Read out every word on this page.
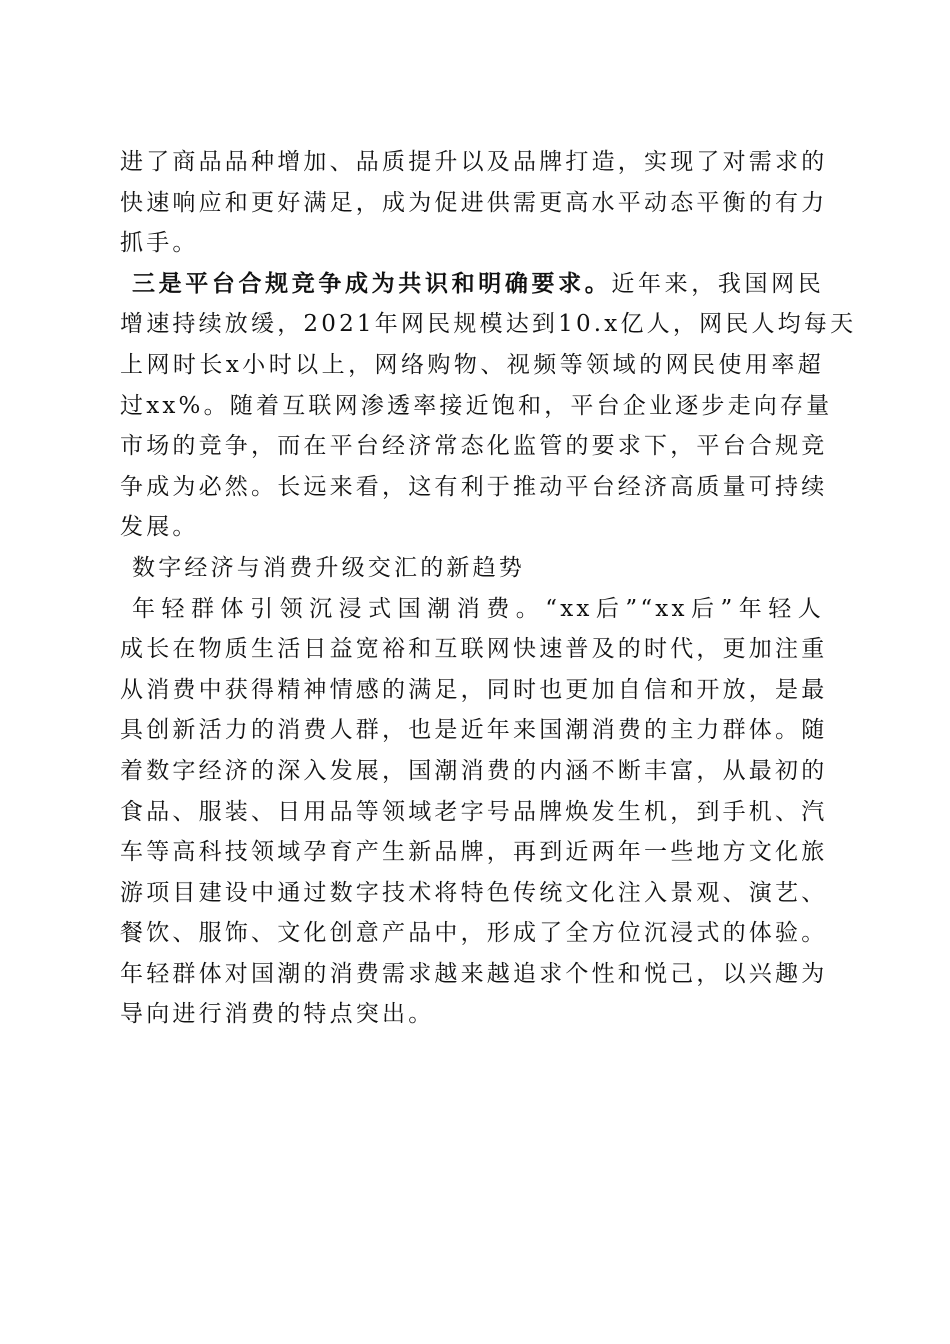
进了商品品种增加、品质提升以及品牌打造，实现了对需求的
快速响应和更好满足，成为促进供需更高水平动态平衡的有力
抓手。
三是平台合规竞争成为共识和明确要求。近年来，我国网民
增速持续放缓，2021年网民规模达到10.x亿人，网民人均每天
上网时长x小时以上，网络购物、视频等领域的网民使用率超
过xx%。随着互联网渗透率接近饱和，平台企业逐步走向存量
市场的竞争，而在平台经济常态化监管的要求下，平台合规竞
争成为必然。长远来看，这有利于推动平台经济高质量可持续
发展。
数字经济与消费升级交汇的新趋势
年轻群体引领沉浸式国潮消费。“xx后”“xx后”年轻人
成长在物质生活日益宽裕和互联网快速普及的时代，更加注重
从消费中获得精神情感的满足，同时也更加自信和开放，是最
具创新活力的消费人群，也是近年来国潮消费的主力群体。随
着数字经济的深入发展，国潮消费的内涵不断丰富，从最初的
食品、服装、日用品等领域老字号品牌焕发生机，到手机、汽
车等高科技领域孕育产生新品牌，再到近两年一些地方文化旅
游项目建设中通过数字技术将特色传统文化注入景观、演艺、
餐饮、服饰、文化创意产品中，形成了全方位沉浸式的体验。
年轻群体对国潮的消费需求越来越追求个性和悦己，以兴趣为
导向进行消费的特点突出。
